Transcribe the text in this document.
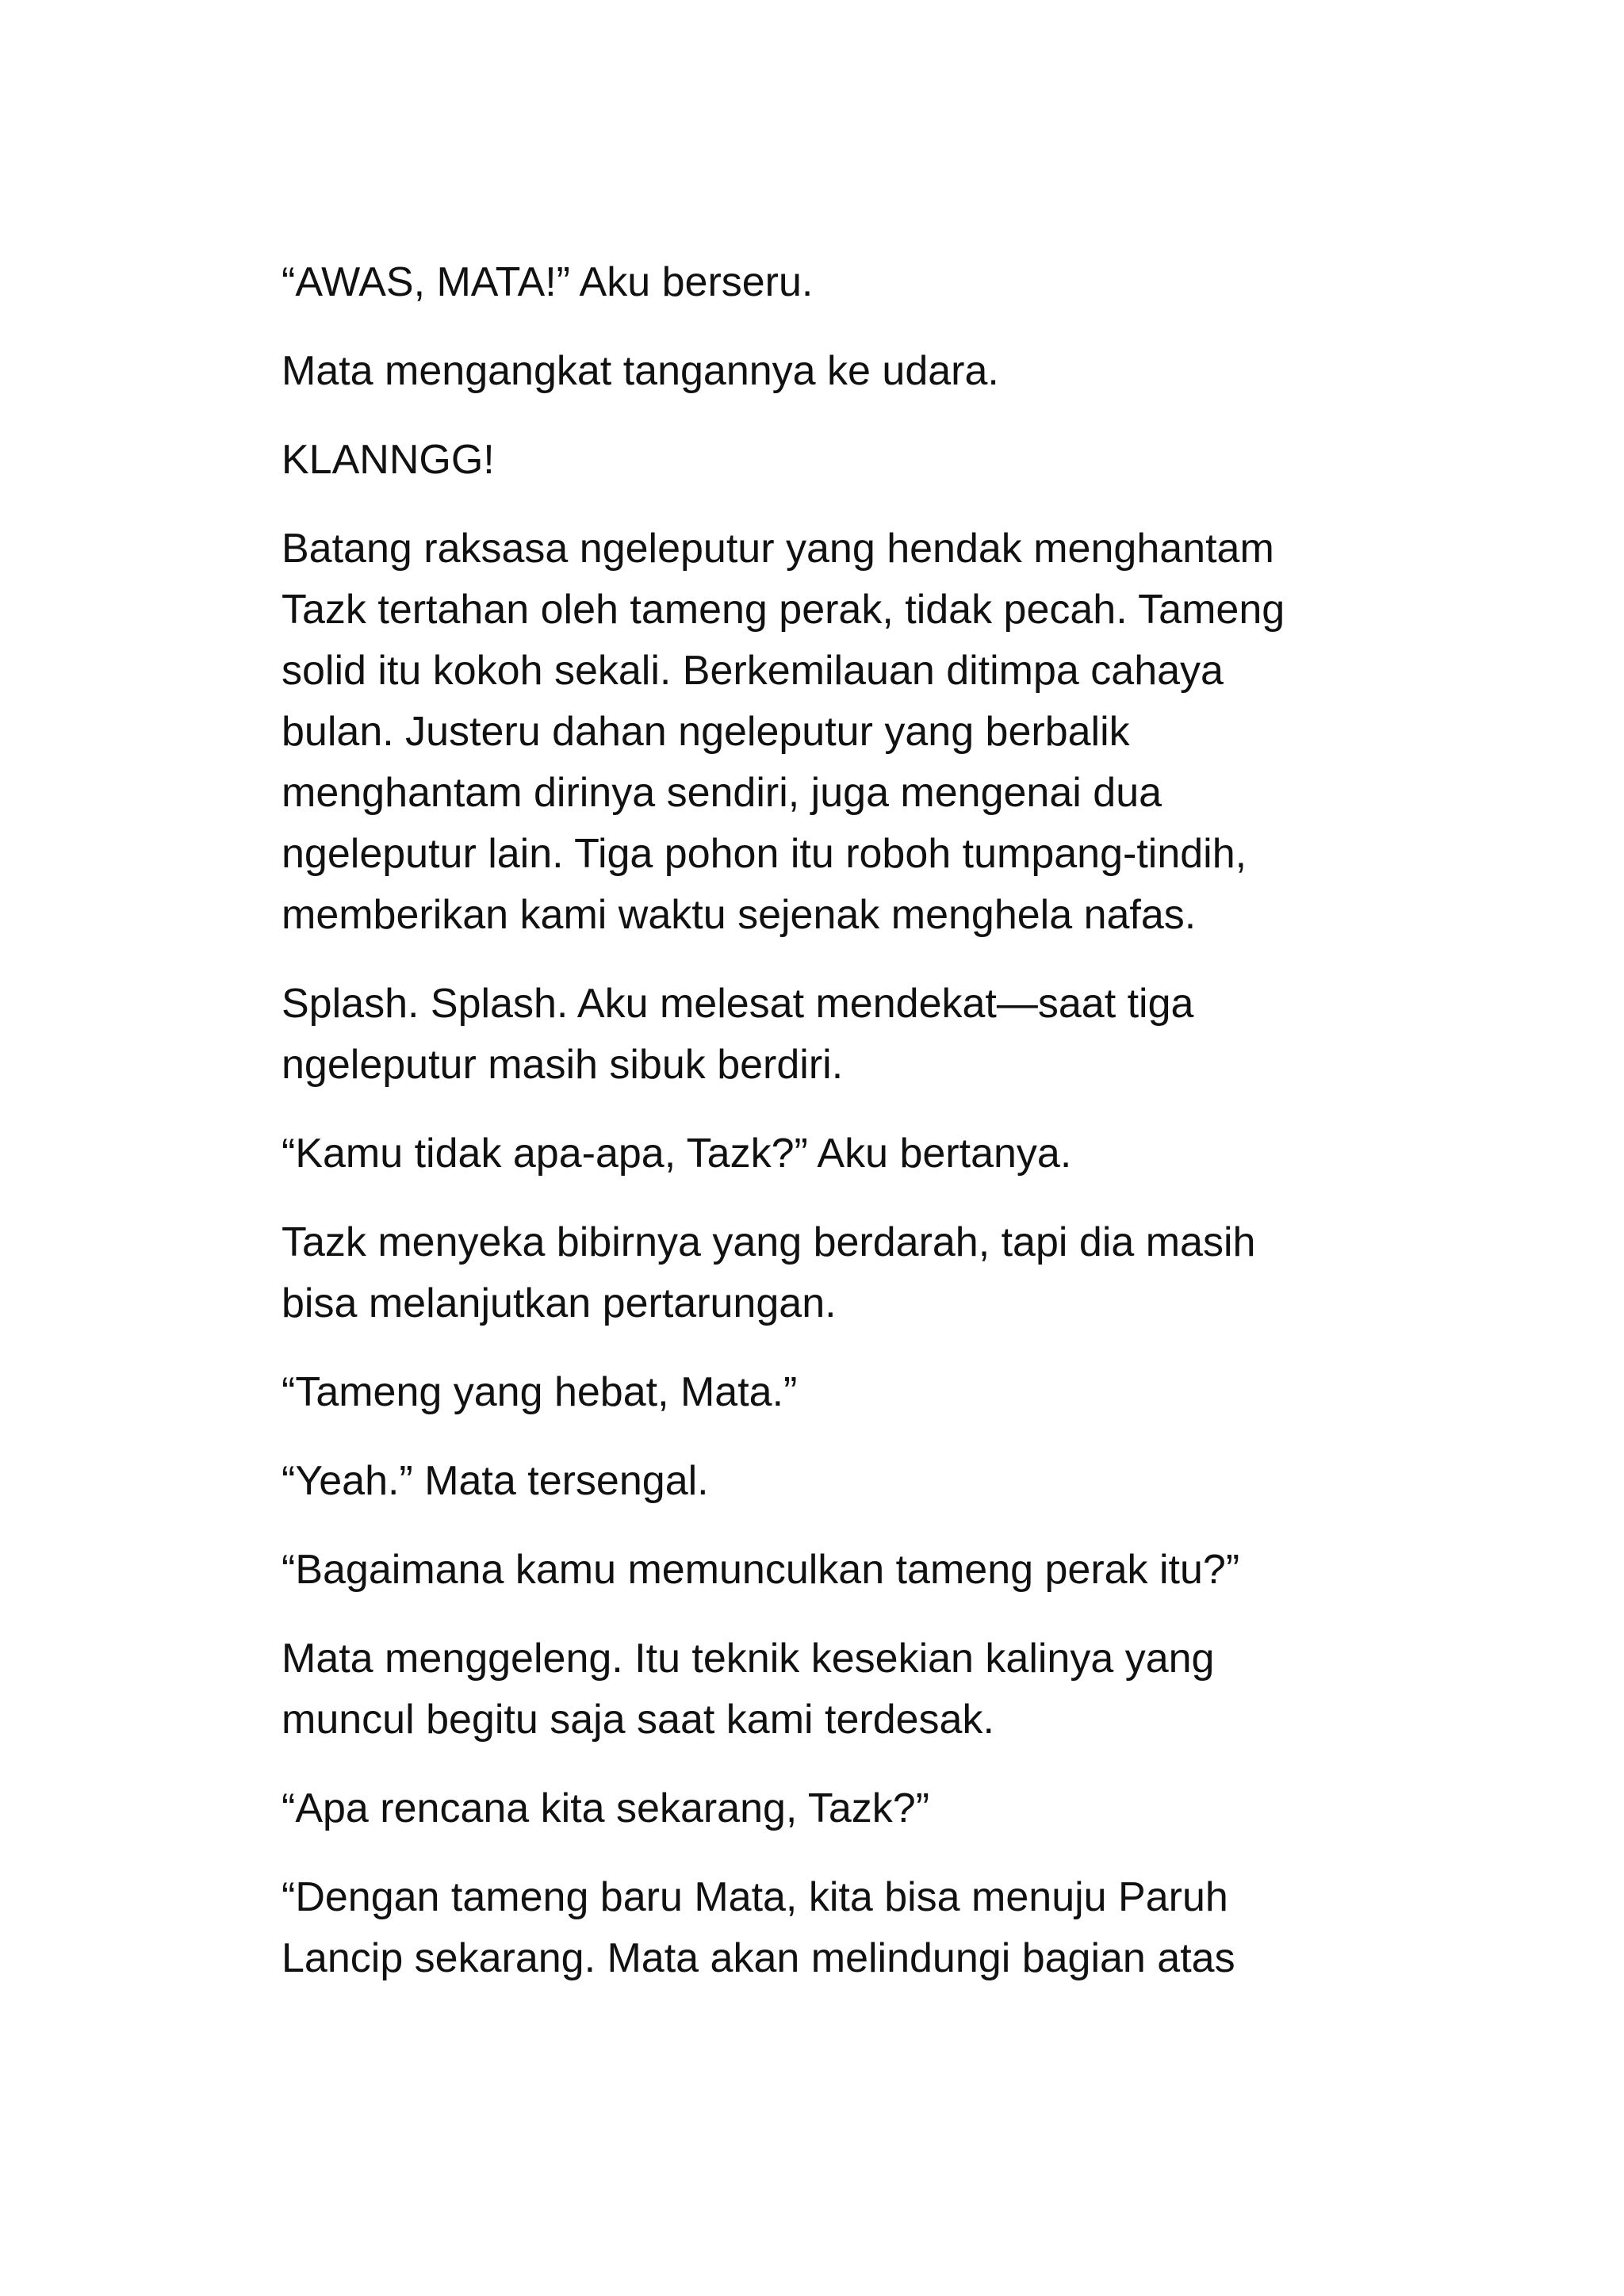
“AWAS, MATA!” Aku berseru.

Mata mengangkat tangannya ke udara.

KLANNGG!

Batang raksasa ngeleputur yang hendak menghantam
Tazk tertahan oleh tameng perak, tidak pecah. Tameng
solid itu kokoh sekali. Berkemilauan ditimpa cahaya
bulan. Justeru dahan ngeleputur yang berbalik
menghantam dirinya sendiri, juga mengenai dua
ngeleputur lain. Tiga pohon itu roboh tumpang-tindih,
memberikan kami waktu sejenak menghela nafas.

Splash. Splash. Aku melesat mendekat—saat tiga
ngeleputur masih sibuk berdiri.

“Kamu tidak apa-apa, Tazk?” Aku bertanya.

Tazk menyeka bibirnya yang berdarah, tapi dia masih
bisa melanjutkan pertarungan.

“Tameng yang hebat, Mata.”

“Yeah.” Mata tersengal.

“Bagaimana kamu memunculkan tameng perak itu?”

Mata menggeleng. Itu teknik kesekian kalinya yang
muncul begitu saja saat kami terdesak.

“Apa rencana kita sekarang, Tazk?”

“Dengan tameng baru Mata, kita bisa menuju Paruh
Lancip sekarang. Mata akan melindungi bagian atas
